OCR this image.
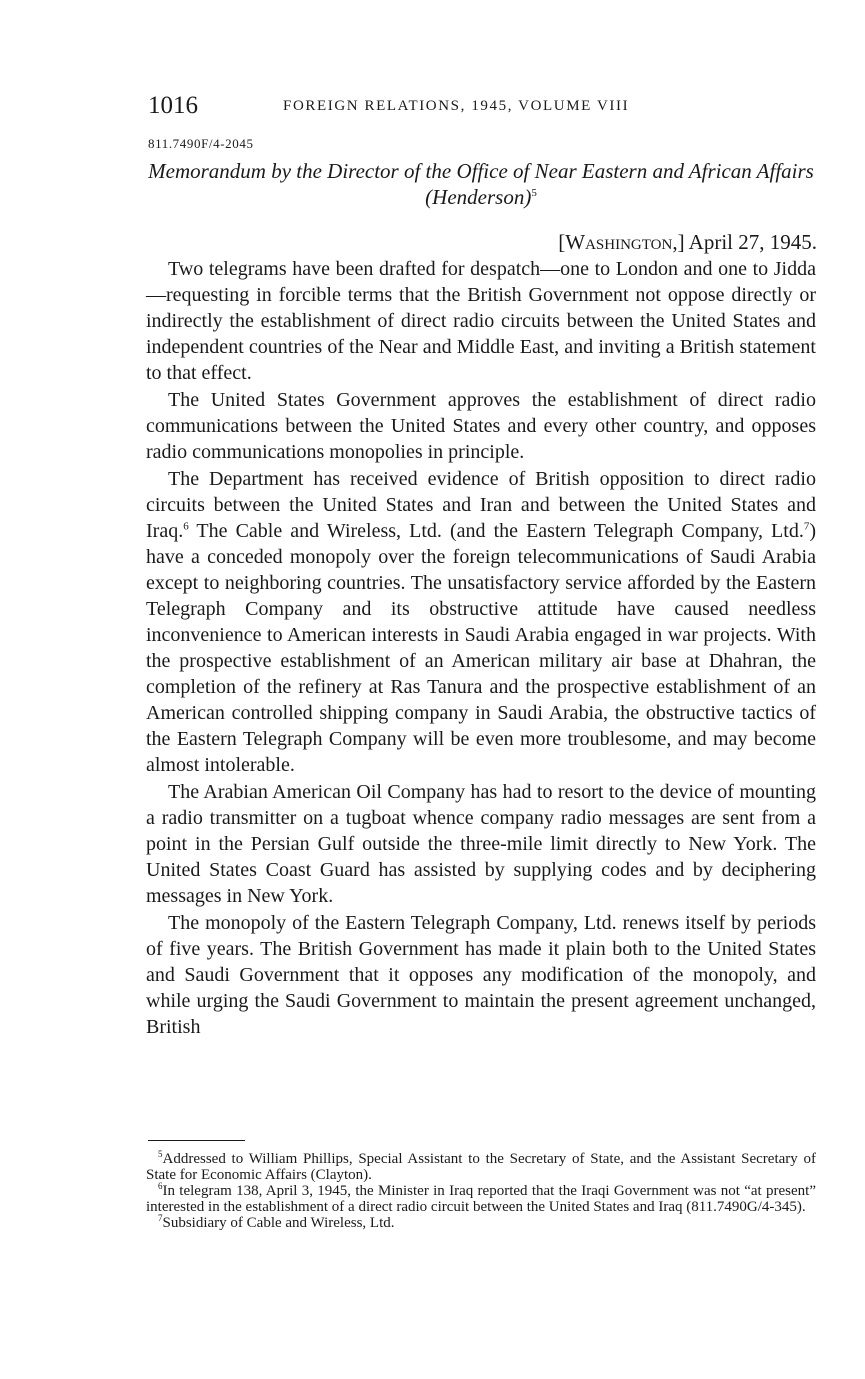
1016	FOREIGN RELATIONS, 1945, VOLUME VIII
811.7490F/4-2045
Memorandum by the Director of the Office of Near Eastern and African Affairs (Henderson)$^5$
[Washington,] April 27, 1945.

Two telegrams have been drafted for despatch—one to London and one to Jidda—requesting in forcible terms that the British Government not oppose directly or indirectly the establishment of direct radio circuits between the United States and independent countries of the Near and Middle East, and inviting a British statement to that effect.

The United States Government approves the establishment of direct radio communications between the United States and every other country, and opposes radio communications monopolies in principle.

The Department has received evidence of British opposition to direct radio circuits between the United States and Iran and between the United States and Iraq.$^6$ The Cable and Wireless, Ltd. (and the Eastern Telegraph Company, Ltd.$^7$) have a conceded monopoly over the foreign telecommunications of Saudi Arabia except to neighboring countries. The unsatisfactory service afforded by the Eastern Telegraph Company and its obstructive attitude have caused needless inconvenience to American interests in Saudi Arabia engaged in war projects. With the prospective establishment of an American military air base at Dhahran, the completion of the refinery at Ras Tanura and the prospective establishment of an American controlled shipping company in Saudi Arabia, the obstructive tactics of the Eastern Telegraph Company will be even more troublesome, and may become almost intolerable.

The Arabian American Oil Company has had to resort to the device of mounting a radio transmitter on a tugboat whence company radio messages are sent from a point in the Persian Gulf outside the three-mile limit directly to New York. The United States Coast Guard has assisted by supplying codes and by deciphering messages in New York.

The monopoly of the Eastern Telegraph Company, Ltd. renews itself by periods of five years. The British Government has made it plain both to the United States and Saudi Government that it opposes any modification of the monopoly, and while urging the Saudi Government to maintain the present agreement unchanged, British

$^5$Addressed to William Phillips, Special Assistant to the Secretary of State, and the Assistant Secretary of State for Economic Affairs (Clayton).

$^6$In telegram 138, April 3, 1945, the Minister in Iraq reported that the Iraqi Government was not “at present” interested in the establishment of a direct radio circuit between the United States and Iraq (811.7490G/4-345).

$^7$Subsidiary of Cable and Wireless, Ltd.
